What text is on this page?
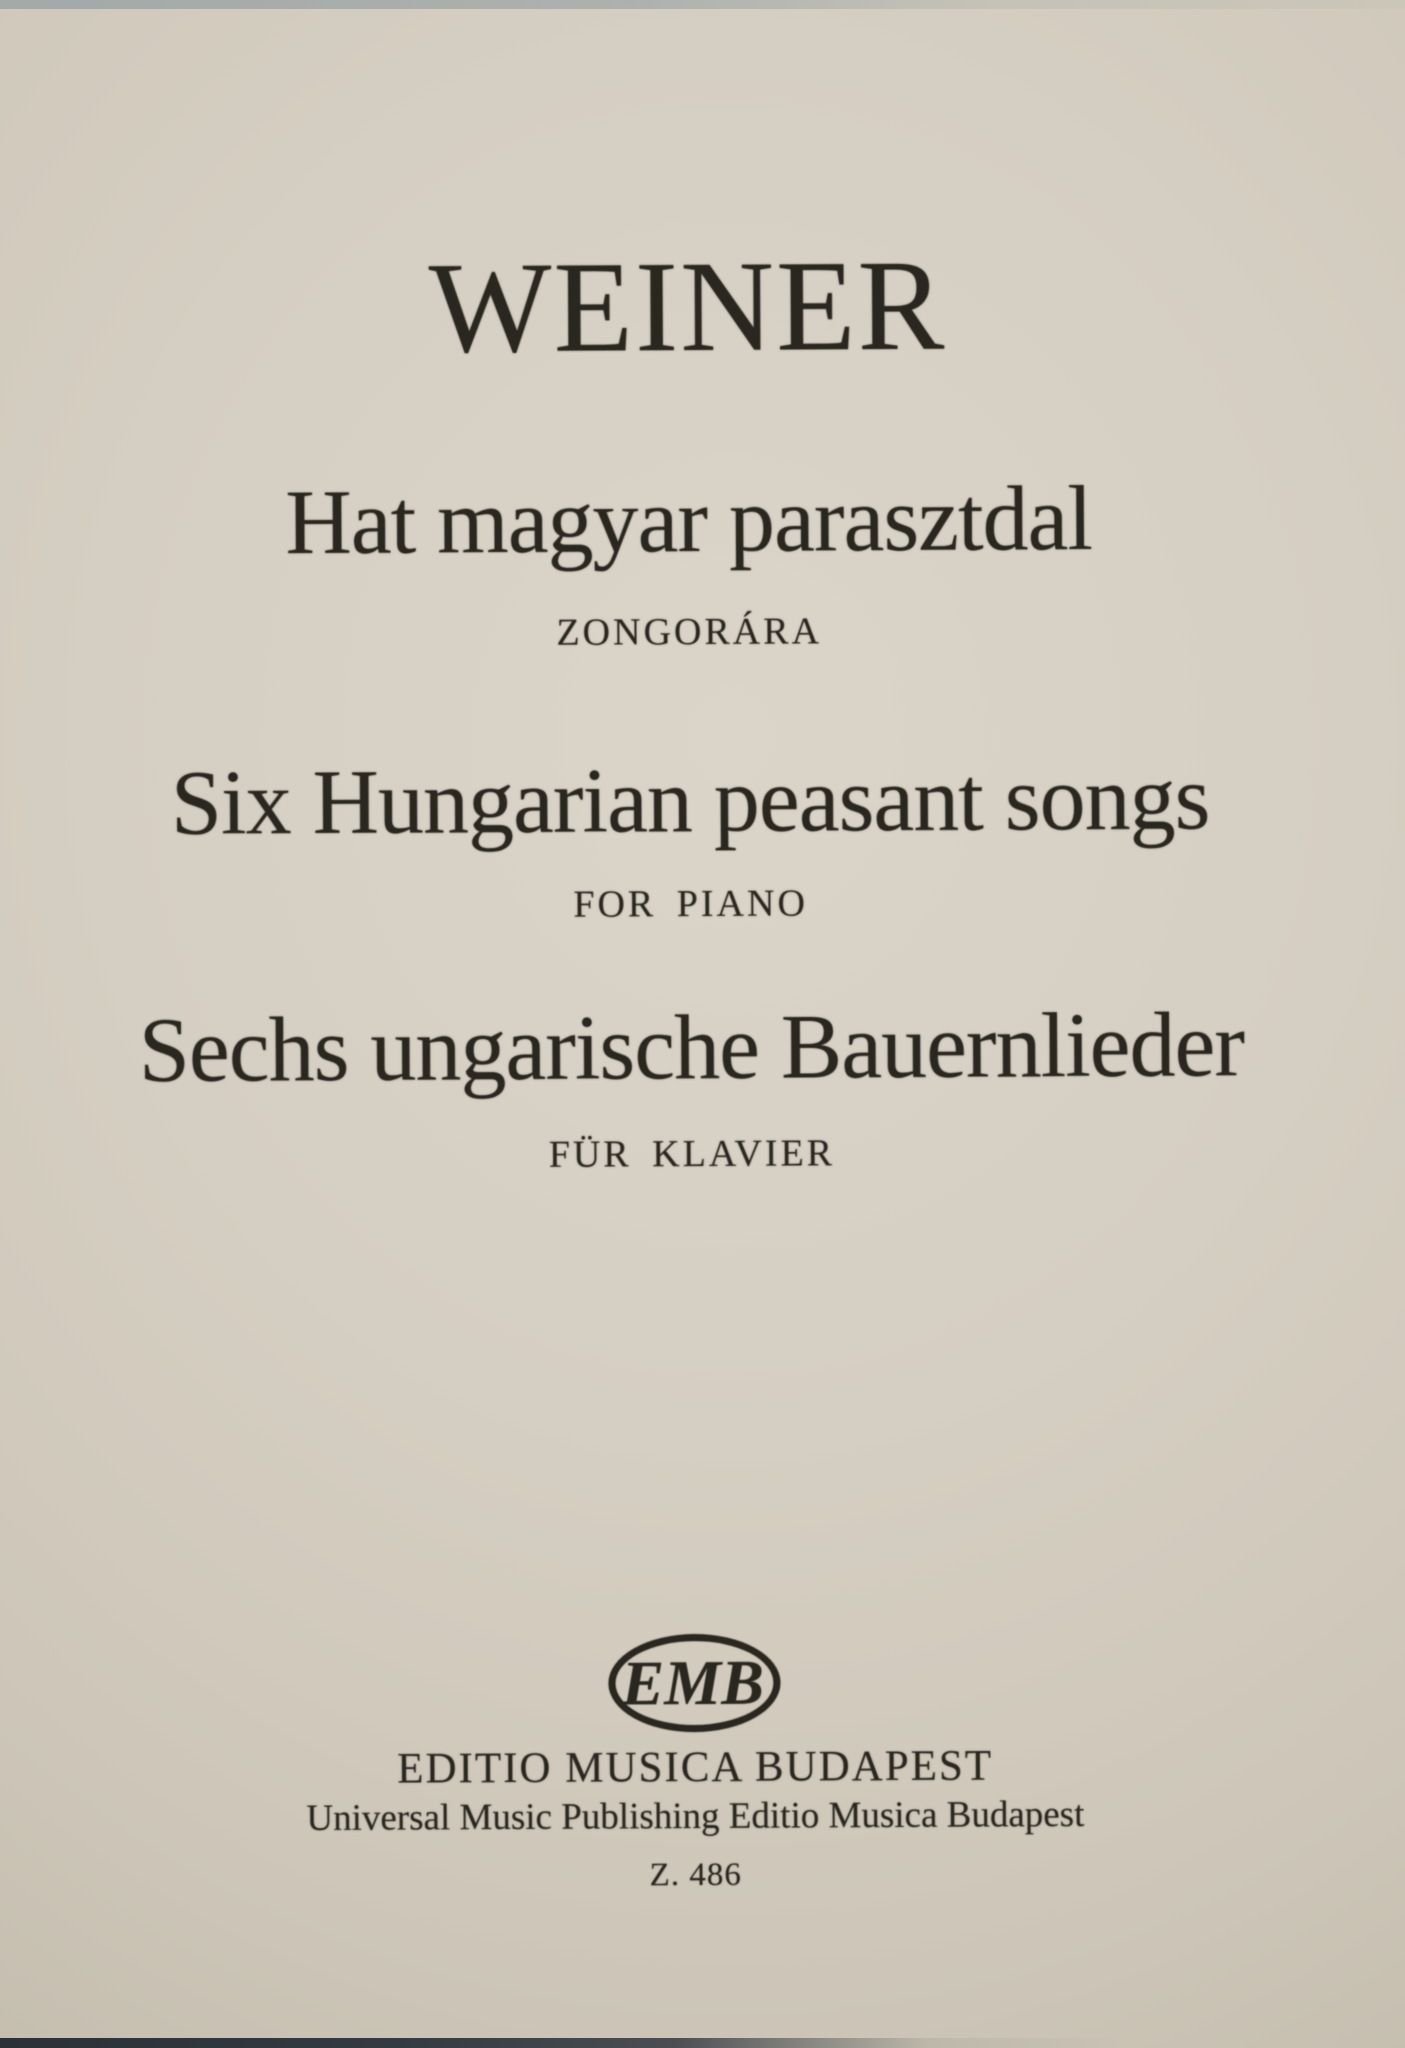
WEINER
Hat magyar parasztdal
ZONGORÁRA
Six Hungarian peasant songs
FOR PIANO
Sechs ungarische Bauernlieder
FÜR KLAVIER
EMB
EDITIO MUSICA BUDAPEST
Universal Music Publishing Editio Musica Budapest
Z. 486
